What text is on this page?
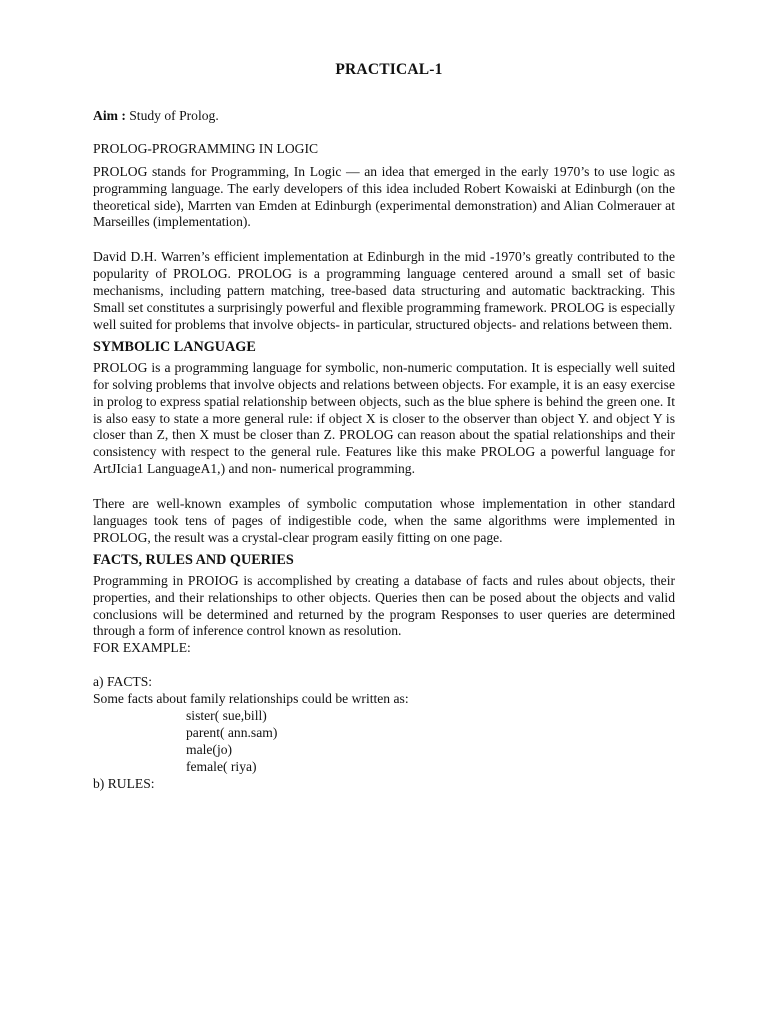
PRACTICAL-1

Aim : Study of Prolog.

PROLOG-PROGRAMMING IN LOGIC

PROLOG stands for Programming, In Logic — an idea that emerged in the early 1970’s to use logic as programming language. The early developers of this idea included Robert Kowaiski at Edinburgh (on the theoretical side), Marrten van Emden at Edinburgh (experimental demonstration) and Alian Colmerauer at Marseilles (implementation).

David D.H. Warren’s efficient implementation at Edinburgh in the mid -1970’s greatly contributed to the popularity of PROLOG. PROLOG is a programming language centered around a small set of basic mechanisms, including pattern matching, tree-based data structuring and automatic backtracking. This Small set constitutes a surprisingly powerful and flexible programming framework. PROLOG is especially well suited for problems that involve objects- in particular, structured objects- and relations between them.

SYMBOLIC LANGUAGE

PROLOG is a programming language for symbolic, non-numeric computation. It is especially well suited for solving problems that involve objects and relations between objects. For example, it is an easy exercise in prolog to express spatial relationship between objects, such as the blue sphere is behind the green one. It is also easy to state a more general rule: if object X is closer to the observer than object Y. and object Y is closer than Z, then X must be closer than Z. PROLOG can reason about the spatial relationships and their consistency with respect to the general rule. Features like this make PROLOG a powerful language for ArtJIcia1 LanguageA1,) and non- numerical programming.

There are well-known examples of symbolic computation whose implementation in other standard languages took tens of pages of indigestible code, when the same algorithms were implemented in PROLOG, the result was a crystal-clear program easily fitting on one page.

FACTS, RULES AND QUERIES

Programming in PROIOG is accomplished by creating a database of facts and rules about objects, their properties, and their relationships to other objects. Queries then can be posed about the objects and valid conclusions will be determined and returned by the program Responses to user queries are determined through a form of inference control known as resolution.

FOR EXAMPLE:

a) FACTS:

Some facts about family relationships could be written as:

sister( sue,bill)

parent( ann.sam)

male(jo)

female( riya)

b) RULES:
